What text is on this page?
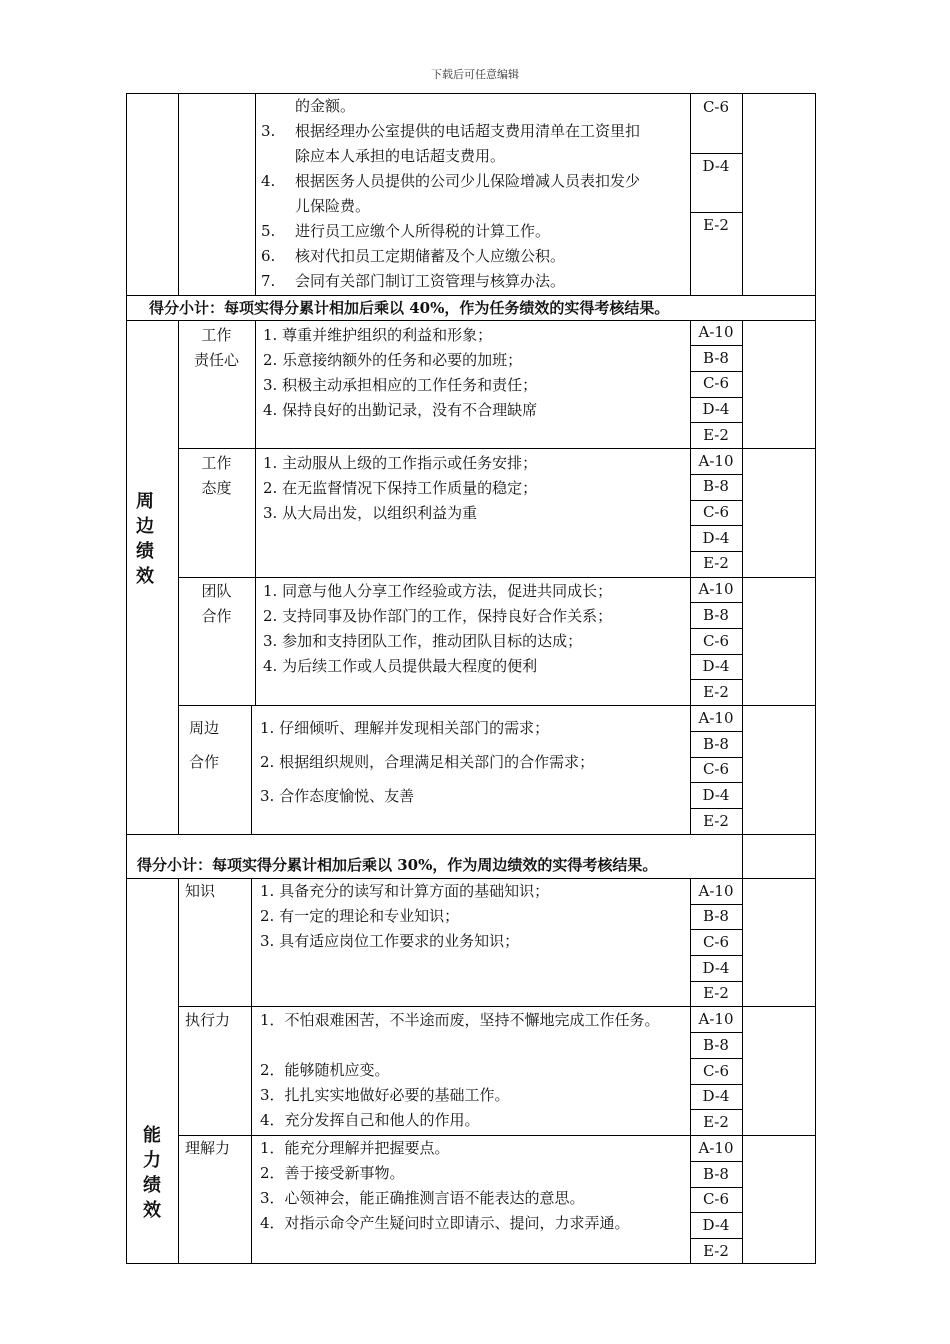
下载后可任意编辑
的金额。
3. 根据经理办公室提供的电话超支费用清单在工资里扣
除应本人承担的电话超支费用。
4. 根据医务人员提供的公司少儿保险增减人员表扣发少
儿保险费。
5. 进行员工应缴个人所得税的计算工作。
6. 核对代扣员工定期储蓄及个人应缴公积。
7. 会同有关部门制订工资管理与核算办法。
C-6
D-4
E-2
得分小计：每项实得分累计相加后乘以 40%，作为任务绩效的实得考核结果。
周边绩效
工作
责任心
1. 尊重并维护组织的利益和形象；
2. 乐意接纳额外的任务和必要的加班；
3. 积极主动承担相应的工作任务和责任；
4. 保持良好的出勤记录，没有不合理缺席
工作
态度
1. 主动服从上级的工作指示或任务安排；
2. 在无监督情况下保持工作质量的稳定；
3. 从大局出发，以组织利益为重
团队
合作
1. 同意与他人分享工作经验或方法，促进共同成长；
2. 支持同事及协作部门的工作，保持良好合作关系；
3. 参加和支持团队工作，推动团队目标的达成；
4. 为后续工作或人员提供最大程度的便利
周边
合作
1. 仔细倾听、理解并发现相关部门的需求；
2. 根据组织规则，合理满足相关部门的合作需求；
3. 合作态度愉悦、友善
A-10
B-8
C-6
D-4
E-2
A-10
B-8
C-6
D-4
E-2
A-10
B-8
C-6
D-4
E-2
A-10
B-8
C-6
D-4
E-2
得分小计：每项实得分累计相加后乘以 30%，作为周边绩效的实得考核结果。
能力绩效
知识	1. 具备充分的读写和计算方面的基础知识；
2. 有一定的理论和专业知识；
3. 具有适应岗位工作要求的业务知识；
执行力 1．不怕艰难困苦，不半途而废，坚持不懈地完成工作任务。
2．能够随机应变。
3．扎扎实实地做好必要的基础工作。
4．充分发挥自己和他人的作用。
理解力 1．能充分理解并把握要点。
2．善于接受新事物。
3．心领神会，能正确推测言语不能表达的意思。
4．对指示命令产生疑问时立即请示、提问，力求弄通。
A-10
B-8
C-6
D-4
E-2
A-10
B-8
C-6
D-4
E-2
A-10
B-8
C-6
D-4
E-2
